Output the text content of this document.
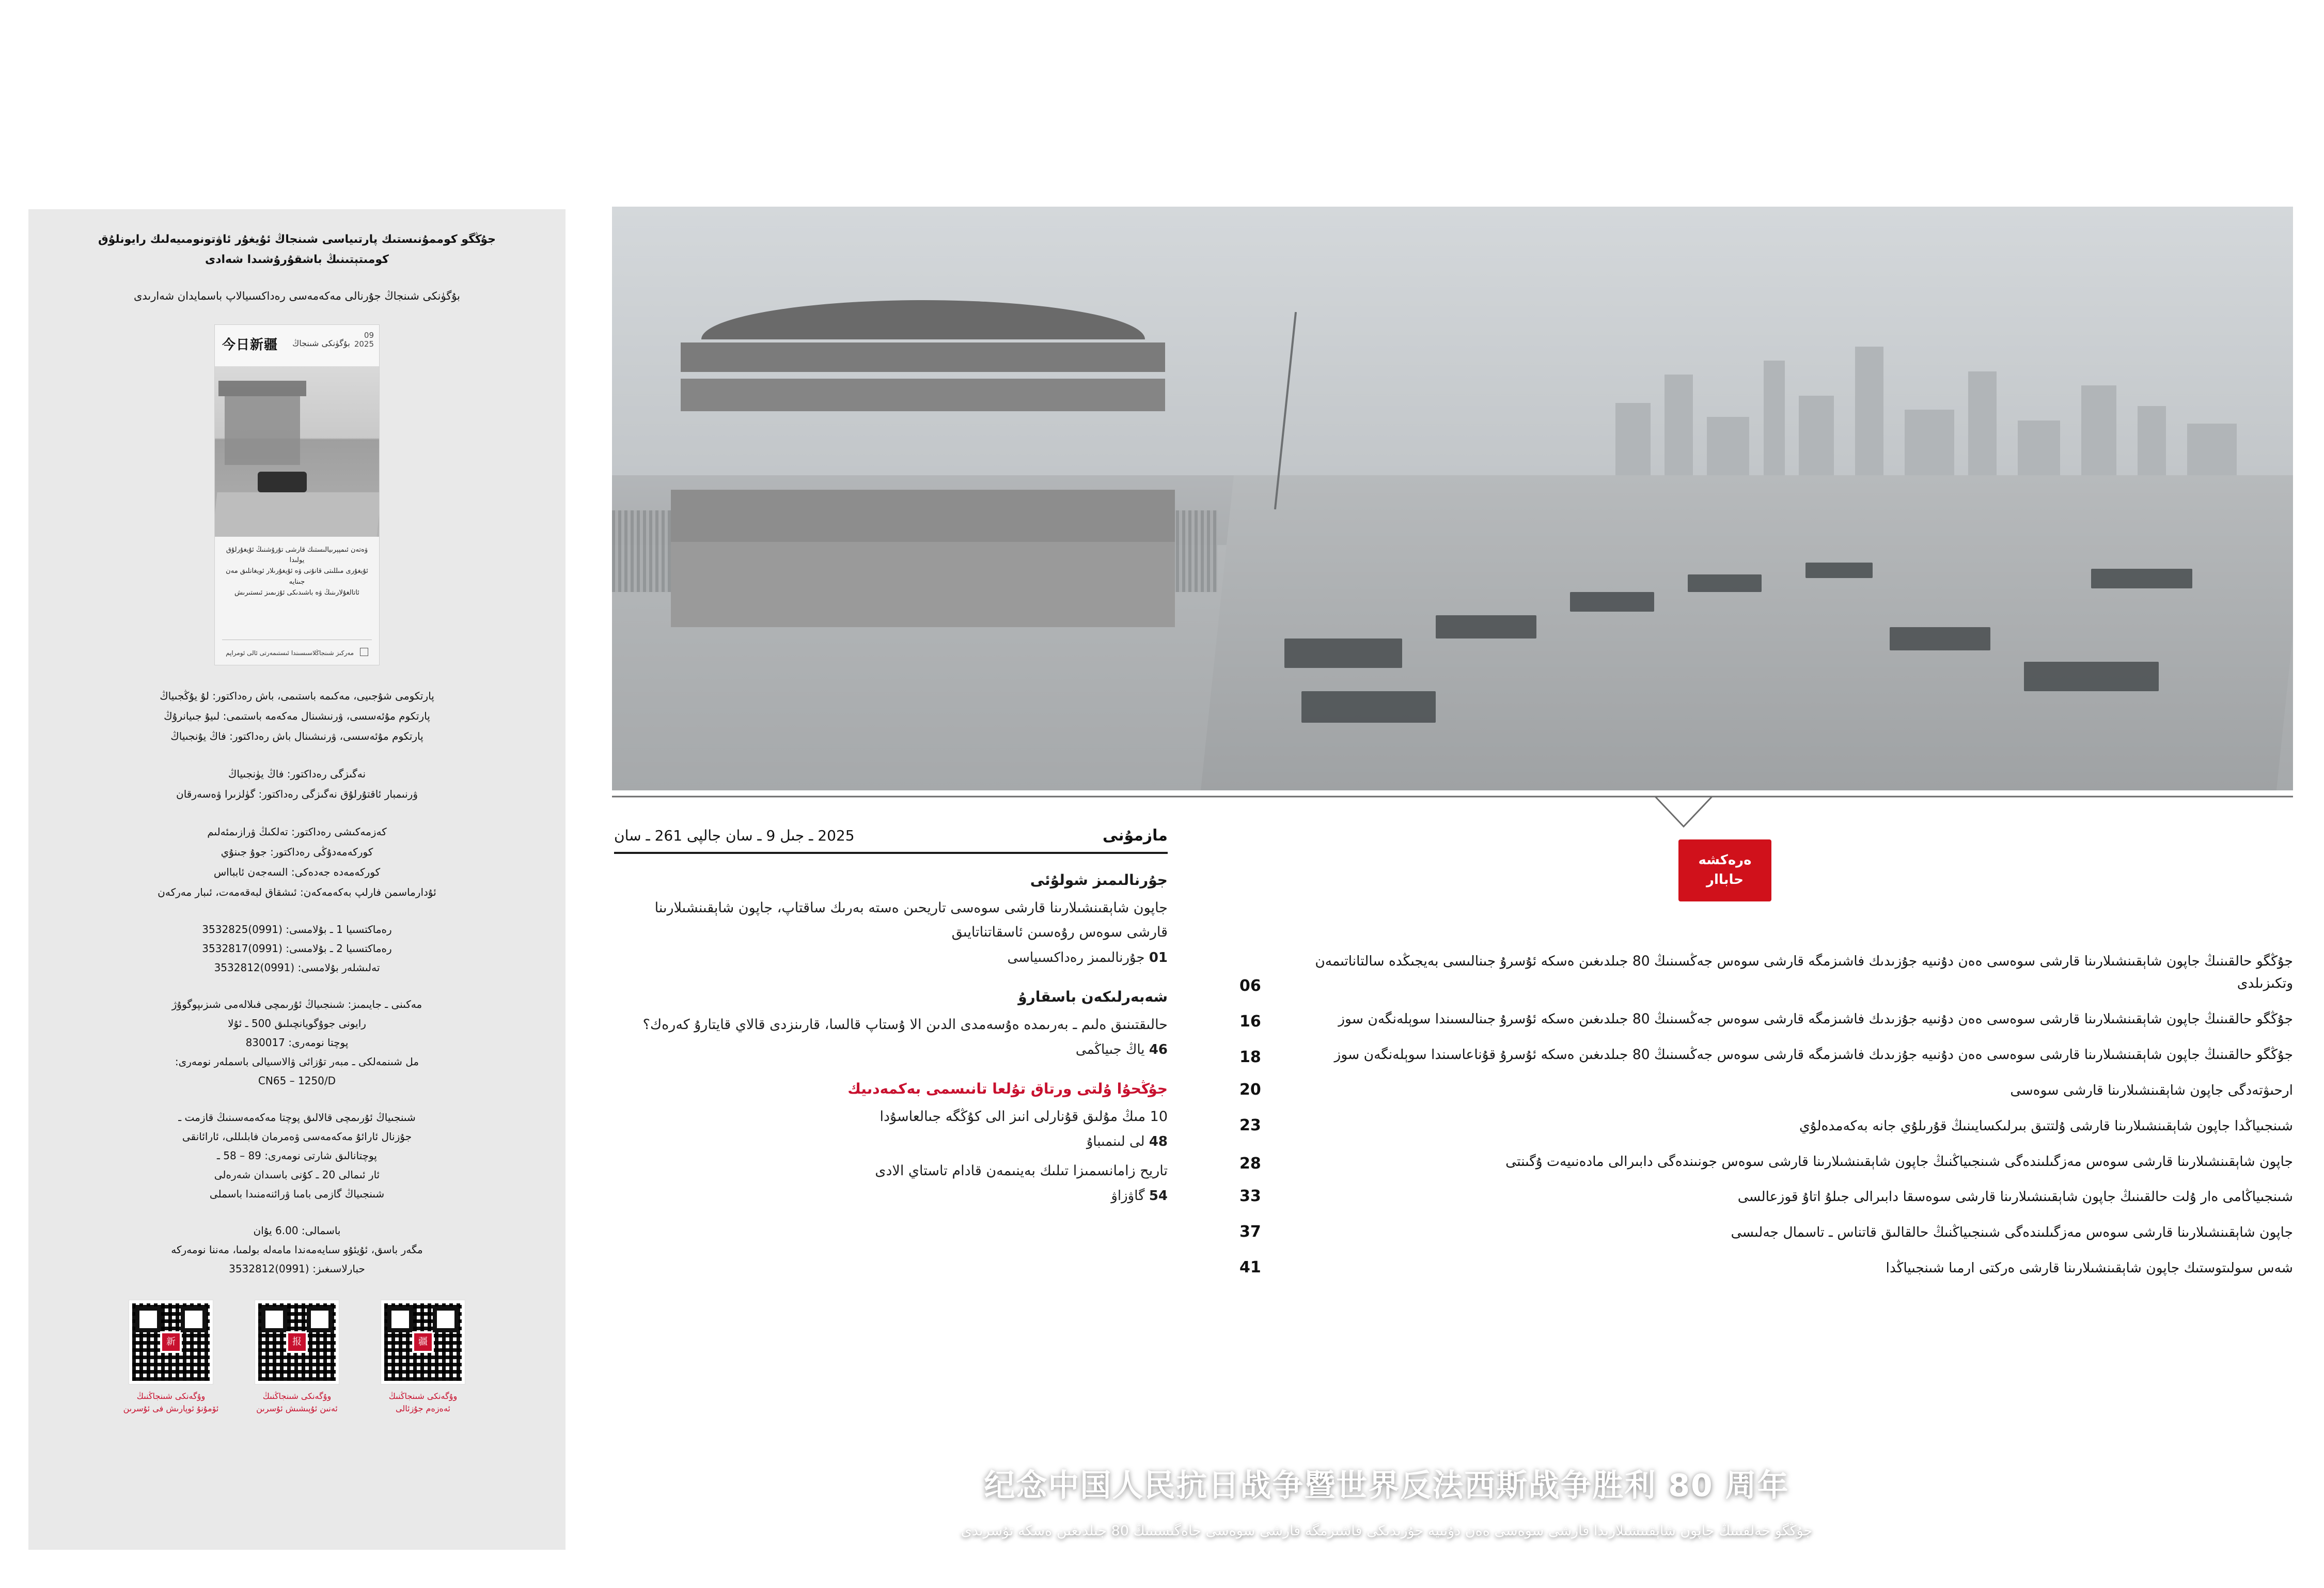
جۇڭگو كوممۇنىستىك پارتىياسى شىنجاڭ ئۇيغۇر ئاۋتونومىيەلىك رايونلۇق كومىتېتىنىڭ باشقۇرۇشىدا شەادى
بۇگۈنكى شىنجاڭ جۇرنالى مەكەمەسى رەداكسىيالاپ باسمايدان شەارىدى
今日新疆 بۇگۈنكى شىنجاڭ
09
2025
ۋەتەن ئىمپېرىيالىستىك قارشى تۇرۇشنىڭ ئۇيغۇرلۇق يولىدا
ئۇيغۇرى مىللىتى قانۇنى ۋە ئۇيغۇرىلار ئويغانلىق مەن جىنايە
ئاتالغۇلارىنىڭ ۋە باشىدىكى ئۇزىمىز ئىستىرىش
مەركىز شىنجاڭلاسىسىندا ئىستىمەرتى ئالى ئومراپم
پارتكومى شۇجىيى، مەكىمە باستىمى، باش رەداكتور: لۇ يۇڭجىياڭ
پارتكوم مۇئەسسى، ۋرنىشىنال مەكەمە باستىمى: لىيۇ جىيانرۇڭ
پارتكوم مۇئەسسى، ۋرنىشىنال باش رەداكتور: فاڭ يۇنجىياڭ
نەگىزگى رەداكتور: فاڭ يۈنجىياڭ
ۋرنىمبار ئاقتۇرلۇق نەگىزگى رەداكتور: گۈلزىرا ۋەسەرقان
كەزمەكىشى رەداكتور: تەلكىڭ ۋرازىمئەلىم
كوركەمەدۇڭى رەداكتور: جوۇ جىنۇي
كوركەمەدە جەدەكى: السەجەن ئاببااس
ئۇدارماسمن فارلپ بەكەمەكەن: ئىشقاق لبەقەمەت، ئىبار مەركەن
رەماكتسىيا 1 ـ بۇلامسى: (0991)3532825
رەماكتسىيا 2 ـ بۇلامسى: (0991)3532817
تەلىشلەر بۇلامسى: (0991)3532812
مەكىنى ـ جايىمىز: شىنجىياڭ ئۇرىمچى فىلالەمى شىزىپوگوۇژ
رايونى جوۇگويانچىلىق 500 ـ ئۇلا
پوچتا نومەرى: 830017
مل شىنمەلكى ـ مبەر تۇزائى ۋالاسىيالى باسملەر نومەرى:
CN65 – 1250/D
شىنجىياڭ ئۇرىمچى قالالىق پوچتا مەكەمەسىنىڭ قازمت ـ
جۇزنال ئارائۇ مەكەمەسى ۋەمرمان فابلىللى، ئارائانقى
پوچتانالىق شارتى نومەرى: 89 – 58 ـ
ئار ئىمالى 20 ـ كۇنى باسىدان شەرەلى
شىنجىياڭ گازمى بامىا ۋرائنەمنىدا باسملى
باسمالى: 6.00 يۇان
مگەر باسق، ئۇيئۇو سىايەمەندا مامەلە بولمىا، مەننا نومەركە
حبارلاسىغىز: (0991)3532812
疆
وۇگەنكى شىنجاڭنىڭ
ئەەزەم جۇزئالى
报
وۇگەنكى شىنجاڭنىڭ
ئەنىن ئۇپىشىش ئۇسرىن
新
وۇگەنكى شىنجاڭنىڭ
ئۆمۇنۇ ئوپارىش فى ئۇسرىن
纪念中国人民抗日战争暨世界反法西斯战争胜利 80 周年
جۇڭگو خەلقىنىڭ جاپون شاېقىنشىلارىدا قارشى سوەسى ەەن دۇنىيە جۇزىدىكى فاشىزمگە قارشى سوەسى جاەگىسىنىڭ 80 جىلدىغىن ەسكە تۇسرىدى
ەرەكشە
حاباار
مازمۇنى
2025 ـ جىل 9 ـ سان جالپى 261 ـ سان
جۇرنالىمىز شولۇئى
جاپون شاېقىنشىلارىنا قارشى سوەسى تاريحىن ەستە بەرىك ساقتاپ، جاپون شاېقىنشىلارىنا قارشى سوەس رۇەسىن ئاسقاتناتايىق
01 جۇرنالىمىز رەداكسىياسى
شەبەرلىكەن باسقارۇ
حالىقتىنىق ەلىم ـ بەرىمدە ەۇسەمدى الدىن الا ۇستاپ قالسا، قارىنزدى قالاي قايتارۇ كەرەك؟
46 ياڭ جىياڭمى
جۇڭحۇا ۇلتى ورتاق تۇلعا تانىسمى بەكمەدىيك
10 مىڭ مۇلىق قۇنارلى انىز الى كۇڭگە جىالعاسۇدا
48 لى لىنمىباۇ
تاريح زامانسمىزا تىلىك بەينىمەن قادام تاستاي الادى
54 گاۋزاۋ
جۇڭگو حالقىنىڭ جاپون شاېقىنشىلارىنا قارشى سوەسى ەەن دۇنىيە جۇزىدىك فاشىزمگە قارشى سوەس جەڭسىنىڭ 80 جىلدىغىن ەسكە ئۇسرۇ جىنالىسى بەيجىڭدە سالتاناتىمەن وتكىزىلدى
06
جۇڭگو حالقىنىڭ جاپون شاېقىنشىلارىنا قارشى سوەسى ەەن دۇنىيە جۇزىدىك فاشىزمگە قارشى سوەس جەڭسىنىڭ 80 جىلدىغىن ەسكە ئۇسرۇ جىنالىسىندا سوېلەنگەن سوز
16
جۇڭگو حالقىنىڭ جاپون شاېقىنشىلارىنا قارشى سوەسى ەەن دۇنىيە جۇزىدىك فاشىزمگە قارشى سوەس جەڭسىنىڭ 80 جىلدىغىن ەسكە ئۇسرۇ قۇناعاسىندا سوېلەنگەن سوز
18
ارحىۋتەدگى جاپون شاېقىنشىلارىنا قارشى سوەسى
20
شىنجىياڭدا جاپون شاېقىنشىلارىنا قارشى ۇلتتىق بىرلىكسايىنىڭ قۇرىلۇي جانە بەكەمدەلۇي
23
جاپون شاېقىنشىلارىنا قارشى سوەس مەزگىلىندەگى شىنجىياڭنىڭ جاپون شاېقىنشىلارىنا قارشى سوەس جونىندەگى دابىرالى مادەنىيەت ۇگىنتى
28
شىنجىياڭامى ەار ۇلت حالقىنىڭ جاپون شاېقىنشىلارىنا قارشى سوەسقا دابىرالى جىلۇ اتاۇ قوزعالسى
33
جاپون شاېقىنشىلارىنا قارشى سوەس مەزگىلىندەگى شىنجىياڭنىڭ حالقالىق قاتناس ـ تاسمال جەلىسى
37
شەس سولىتوستىك جاپون شاېقىنشىلارىنا قارشى ەركتى ارمىا شىنجىياڭدا
41
